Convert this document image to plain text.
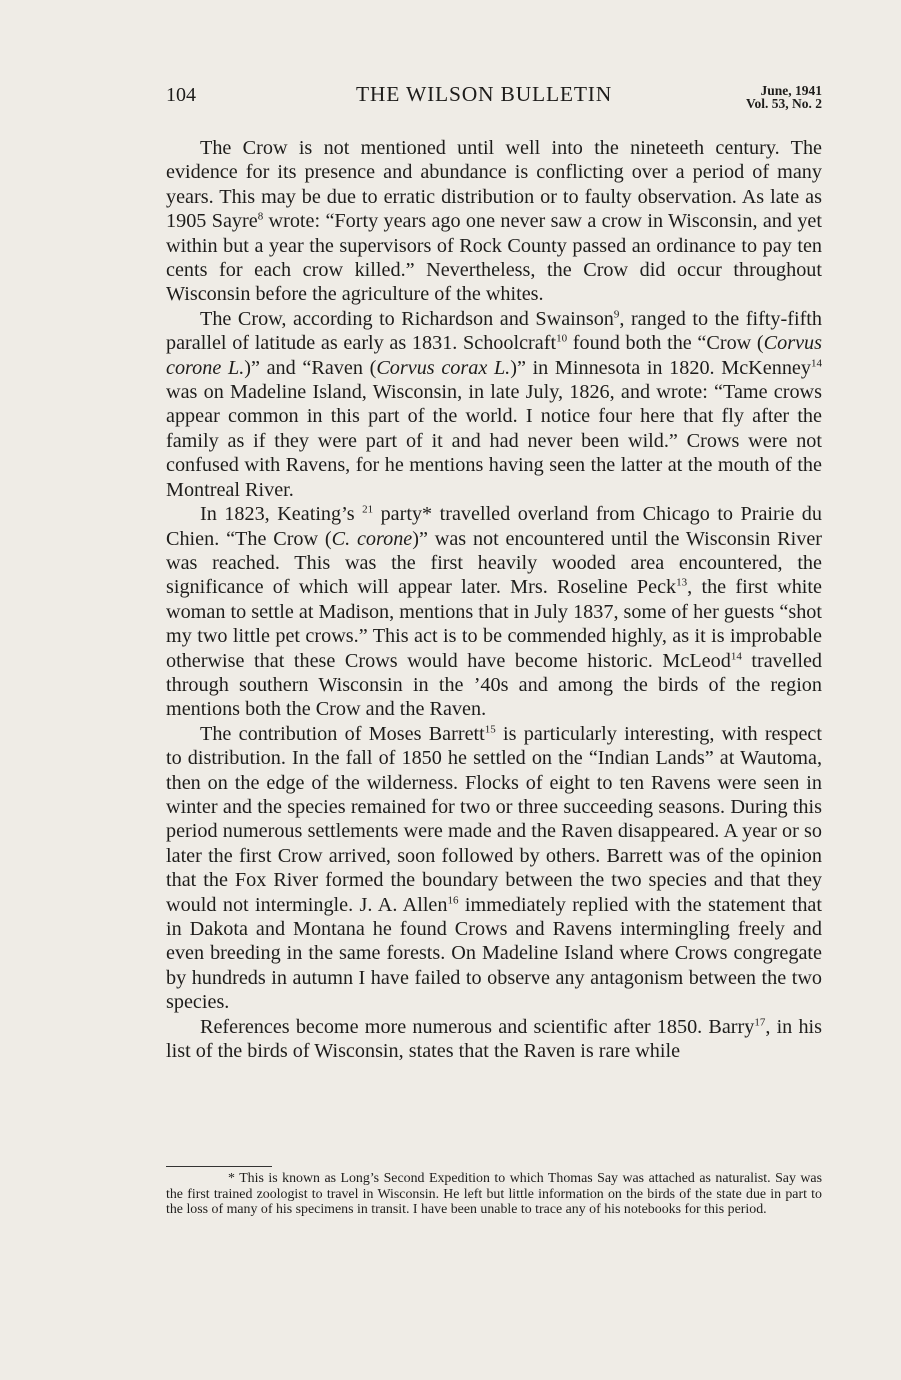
104	THE WILSON BULLETIN	June, 1941
Vol. 53, No. 2

The Crow is not mentioned until well into the nineteeth century. The evidence for its presence and abundance is conflicting over a period of many years. This may be due to erratic distribution or to faulty observation. As late as 1905 Sayre$^8$ wrote: “Forty years ago one never saw a crow in Wisconsin, and yet within but a year the supervisors of Rock County passed an ordinance to pay ten cents for each crow killed.” Nevertheless, the Crow did occur throughout Wisconsin before the agriculture of the whites.

The Crow, according to Richardson and Swainson$^9$, ranged to the fifty-fifth parallel of latitude as early as 1831. Schoolcraft$^{10}$ found both the “Crow (Corvus corone L.)” and “Raven (Corvus corax L.)” in Minnesota in 1820. McKenney$^{14}$ was on Madeline Island, Wisconsin, in late July, 1826, and wrote: “Tame crows appear common in this part of the world. I notice four here that fly after the family as if they were part of it and had never been wild.” Crows were not confused with Ravens, for he mentions having seen the latter at the mouth of the Montreal River.

In 1823, Keating’s $^{21}$ party* travelled overland from Chicago to Prairie du Chien. “The Crow (C. corone)” was not encountered until the Wisconsin River was reached. This was the first heavily wooded area encountered, the significance of which will appear later. Mrs. Roseline Peck$^{13}$, the first white woman to settle at Madison, mentions that in July 1837, some of her guests “shot my two little pet crows.” This act is to be commended highly, as it is improbable otherwise that these Crows would have become historic. McLeod$^{14}$ travelled through southern Wisconsin in the ’40s and among the birds of the region mentions both the Crow and the Raven.

The contribution of Moses Barrett$^{15}$ is particularly interesting, with respect to distribution. In the fall of 1850 he settled on the “Indian Lands” at Wautoma, then on the edge of the wilderness. Flocks of eight to ten Ravens were seen in winter and the species remained for two or three succeeding seasons. During this period numerous settlements were made and the Raven disappeared. A year or so later the first Crow arrived, soon followed by others. Barrett was of the opinion that the Fox River formed the boundary between the two species and that they would not intermingle. J. A. Allen$^{16}$ immediately replied with the statement that in Dakota and Montana he found Crows and Ravens intermingling freely and even breeding in the same forests. On Madeline Island where Crows congregate by hundreds in autumn I have failed to observe any antagonism between the two species.

References become more numerous and scientific after 1850. Barry$^{17}$, in his list of the birds of Wisconsin, states that the Raven is rare while

* This is known as Long’s Second Expedition to which Thomas Say was attached as naturalist. Say was the first trained zoologist to travel in Wisconsin. He left but little information on the birds of the state due in part to the loss of many of his specimens in transit. I have been unable to trace any of his notebooks for this period.
